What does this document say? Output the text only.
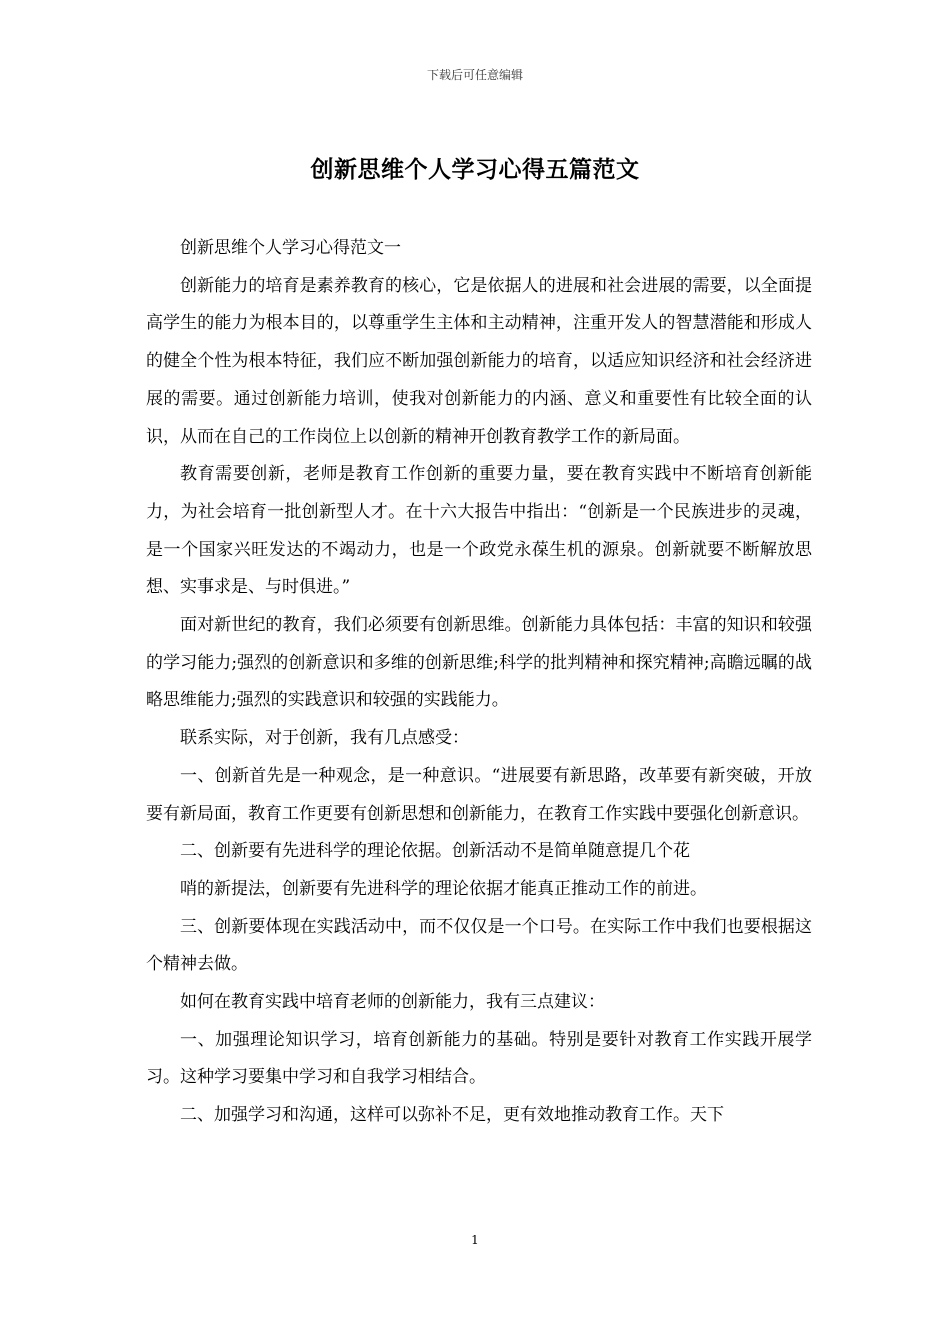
下载后可任意编辑
创新思维个人学习心得五篇范文

创新思维个人学习心得范文一

创新能力的培育是素养教育的核心，它是依据人的进展和社会进展的需要，以全面提高学生的能力为根本目的，以尊重学生主体和主动精神，注重开发人的智慧潜能和形成人的健全个性为根本特征，我们应不断加强创新能力的培育，以适应知识经济和社会经济进展的需要。通过创新能力培训，使我对创新能力的内涵、意义和重要性有比较全面的认识，从而在自己的工作岗位上以创新的精神开创教育教学工作的新局面。

教育需要创新，老师是教育工作创新的重要力量，要在教育实践中不断培育创新能力，为社会培育一批创新型人才。在十六大报告中指出：“创新是一个民族进步的灵魂，是一个国家兴旺发达的不竭动力，也是一个政党永葆生机的源泉。创新就要不断解放思想、实事求是、与时俱进。”

面对新世纪的教育，我们必须要有创新思维。创新能力具体包括：丰富的知识和较强的学习能力;强烈的创新意识和多维的创新思维;科学的批判精神和探究精神;高瞻远瞩的战略思维能力;强烈的实践意识和较强的实践能力。

联系实际，对于创新，我有几点感受：

一、创新首先是一种观念，是一种意识。“进展要有新思路，改革要有新突破，开放要有新局面，教育工作更要有创新思想和创新能力，在教育工作实践中要强化创新意识。

二、创新要有先进科学的理论依据。创新活动不是简单随意提几个花

哨的新提法，创新要有先进科学的理论依据才能真正推动工作的前进。

三、创新要体现在实践活动中，而不仅仅是一个口号。在实际工作中我们也要根据这个精神去做。

如何在教育实践中培育老师的创新能力，我有三点建议：

一、加强理论知识学习，培育创新能力的基础。特别是要针对教育工作实践开展学习。这种学习要集中学习和自我学习相结合。

二、加强学习和沟通，这样可以弥补不足，更有效地推动教育工作。天下

1
